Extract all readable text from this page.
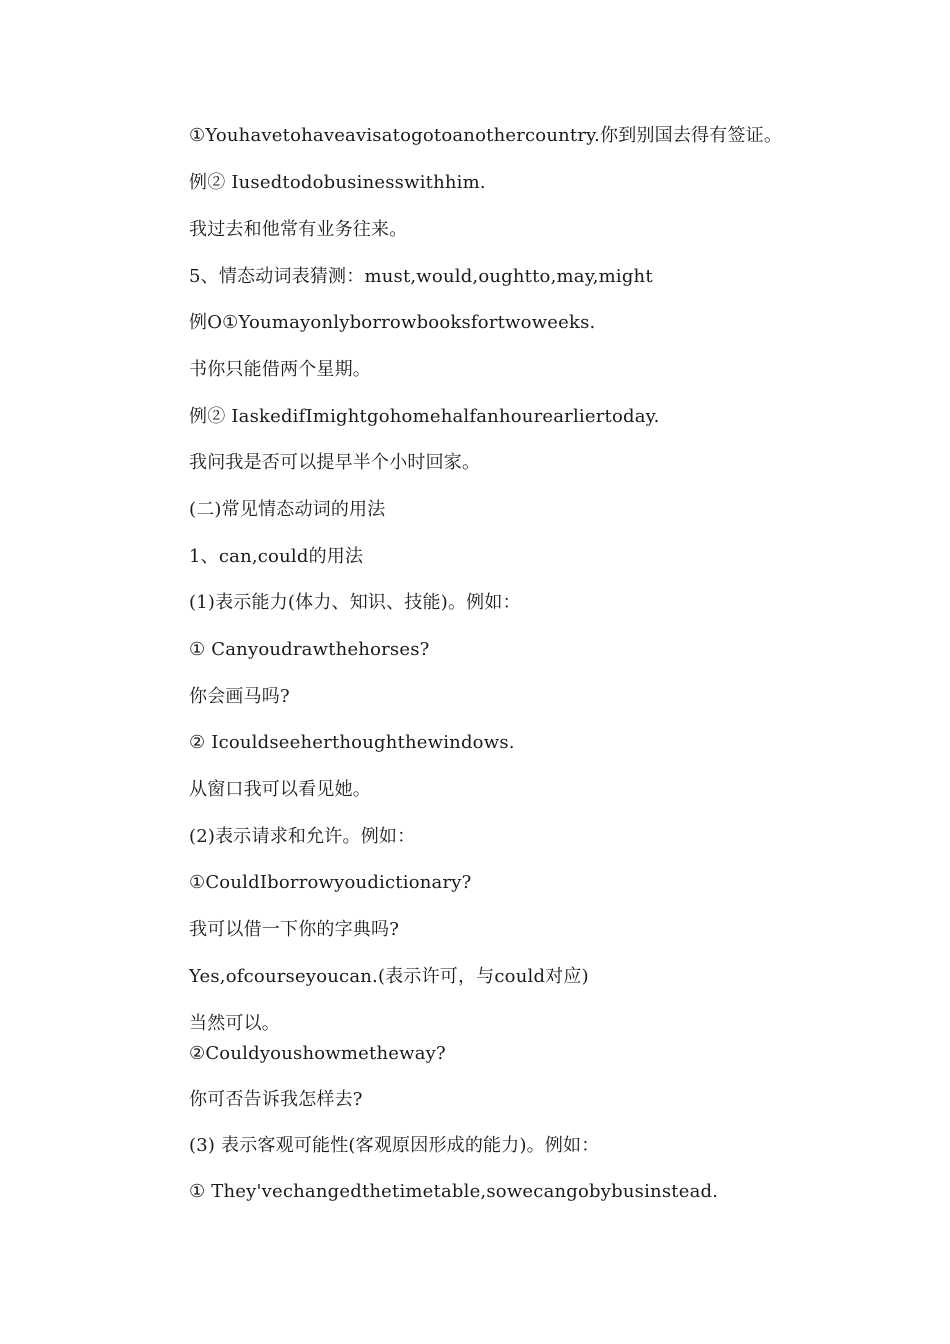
①Youhavetohaveavisatogotoanothercountry.你到别国去得有签证。
例② Iusedtodobusinesswithhim.
我过去和他常有业务往来。
5、情态动词表猜测：must,would,oughtto,may,might
例O①Youmayonlyborrowbooksfortwoweeks.
书你只能借两个星期。
例② IaskedifImightgohomehalfanhourearliertoday.
我问我是否可以提早半个小时回家。
(二)常见情态动词的用法
1、can,could的用法
(1)表示能力(体力、知识、技能)。例如：
① Canyoudrawthehorses?
你会画马吗?
② Icouldseeherthoughthewindows.
从窗口我可以看见她。
(2)表示请求和允许。例如：
①CouldIborrowyoudictionary?
我可以借一下你的字典吗?
Yes,ofcourseyoucan.(表示许可，与could对应)
当然可以。
②Couldyoushowmetheway?
你可否告诉我怎样去?
(3) 表示客观可能性(客观原因形成的能力)。例如：
① They'vechangedthetimetable,sowecangobybusinstead.
